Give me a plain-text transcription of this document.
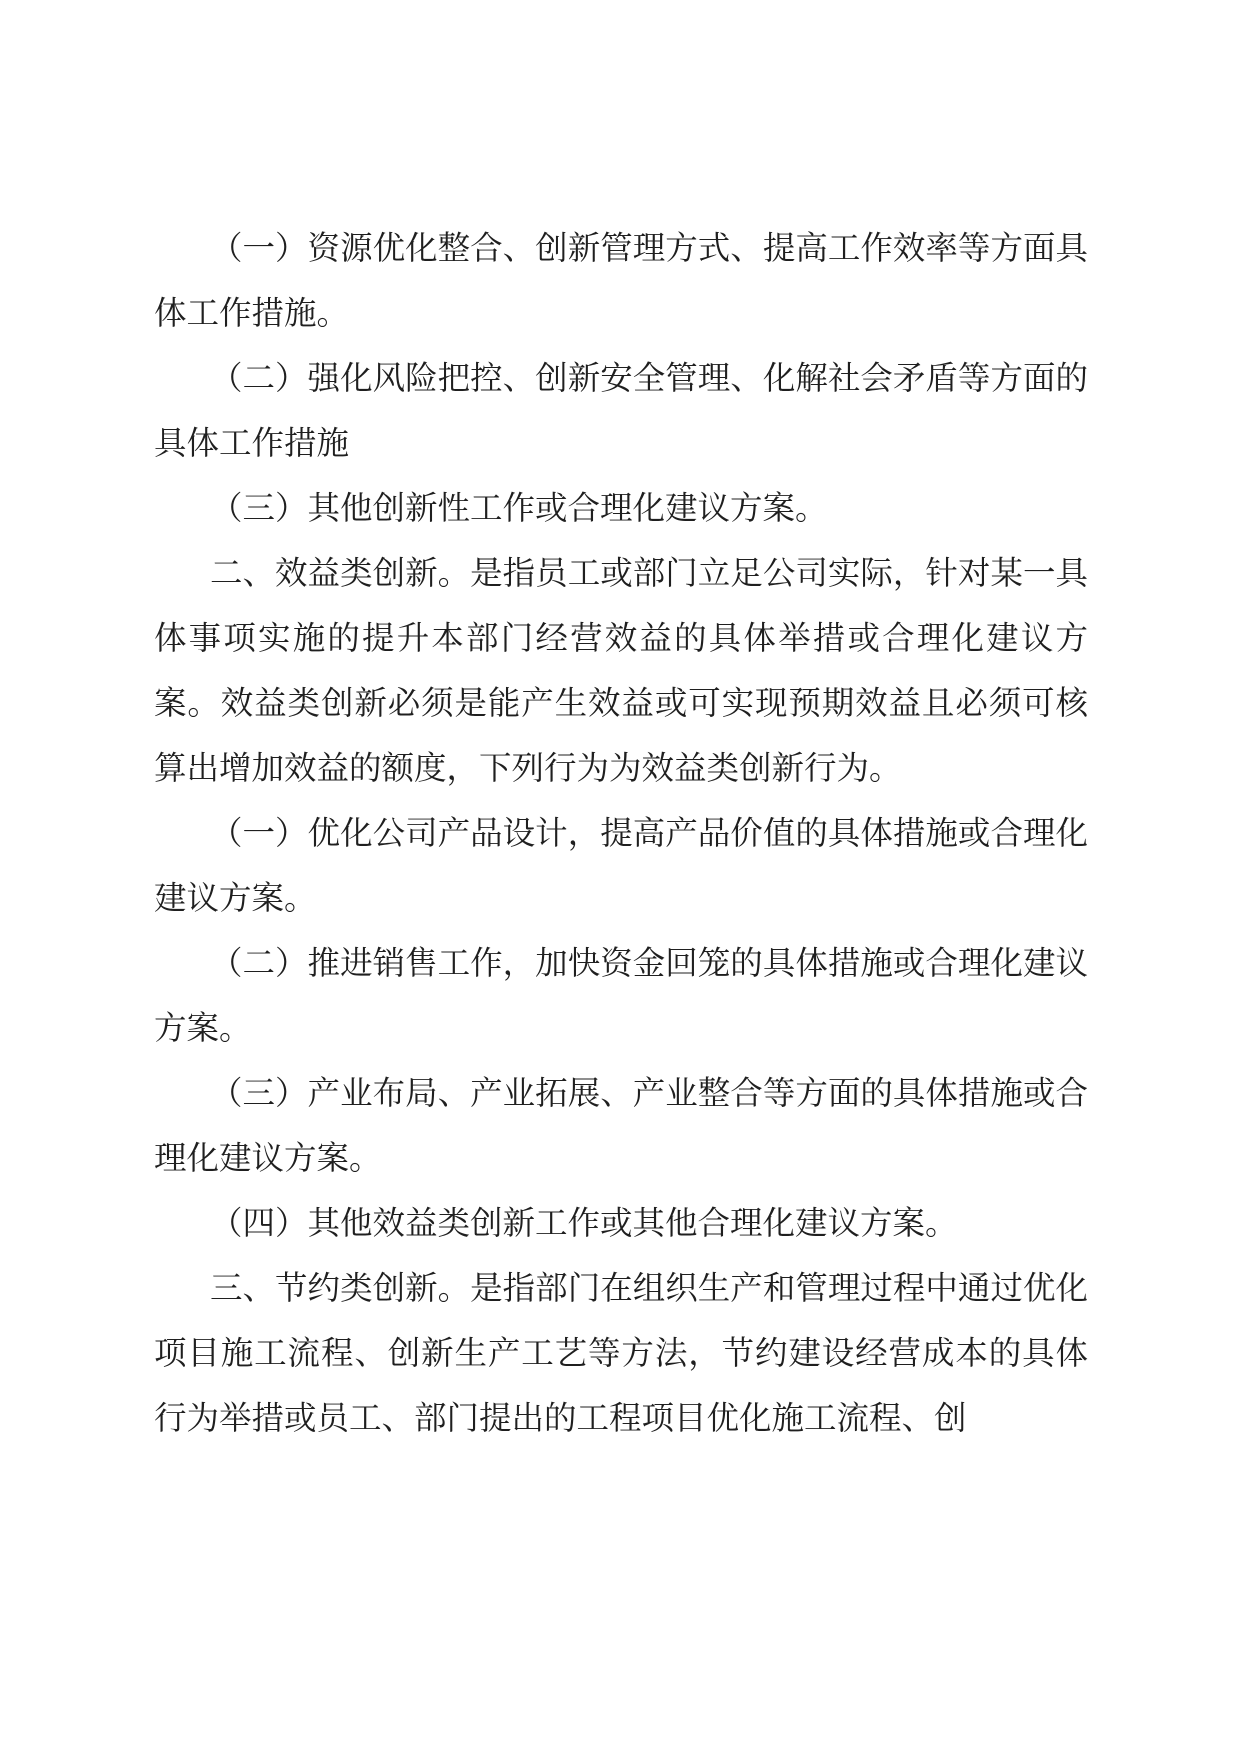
（一）资源优化整合、创新管理方式、提高工作效率等方面具体工作措施。

（二）强化风险把控、创新安全管理、化解社会矛盾等方面的具体工作措施

（三）其他创新性工作或合理化建议方案。

二、效益类创新。是指员工或部门立足公司实际，针对某一具体事项实施的提升本部门经营效益的具体举措或合理化建议方案。效益类创新必须是能产生效益或可实现预期效益且必须可核算出增加效益的额度，下列行为为效益类创新行为。

（一）优化公司产品设计，提高产品价值的具体措施或合理化建议方案。

（二）推进销售工作，加快资金回笼的具体措施或合理化建议方案。

（三）产业布局、产业拓展、产业整合等方面的具体措施或合理化建议方案。

（四）其他效益类创新工作或其他合理化建议方案。

三、节约类创新。是指部门在组织生产和管理过程中通过优化项目施工流程、创新生产工艺等方法，节约建设经营成本的具体行为举措或员工、部门提出的工程项目优化施工流程、创
